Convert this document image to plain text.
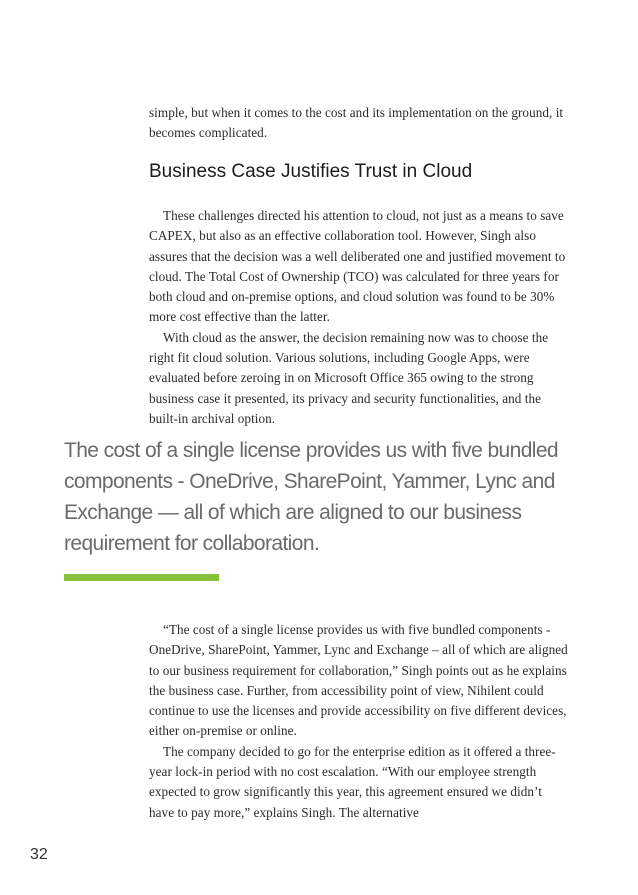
simple, but when it comes to the cost and its implementation on the ground, it becomes complicated.

Business Case Justifies Trust in Cloud

These challenges directed his attention to cloud, not just as a means to save CAPEX, but also as an effective collaboration tool. However, Singh also assures that the decision was a well deliberated one and justified movement to cloud. The Total Cost of Ownership (TCO) was calculated for three years for both cloud and on-premise options, and cloud solution was found to be 30% more cost effective than the latter.

With cloud as the answer, the decision remaining now was to choose the right fit cloud solution. Various solutions, including Google Apps, were evaluated before zeroing in on Microsoft Office 365 owing to the strong business case it presented, its privacy and security functionalities, and the built-in archival option.

The cost of a single license provides us with five bundled components - OneDrive, SharePoint, Yammer, Lync and Exchange — all of which are aligned to our business requirement for collaboration.

“The cost of a single license provides us with five bundled components - OneDrive, SharePoint, Yammer, Lync and Exchange – all of which are aligned to our business requirement for collaboration,” Singh points out as he explains the business case. Further, from accessibility point of view, Nihilent could continue to use the licenses and provide accessibility on five different devices, either on-premise or online.

The company decided to go for the enterprise edition as it offered a three-year lock-in period with no cost escalation. “With our employee strength expected to grow significantly this year, this agreement ensured we didn’t have to pay more,” explains Singh. The alternative

32
